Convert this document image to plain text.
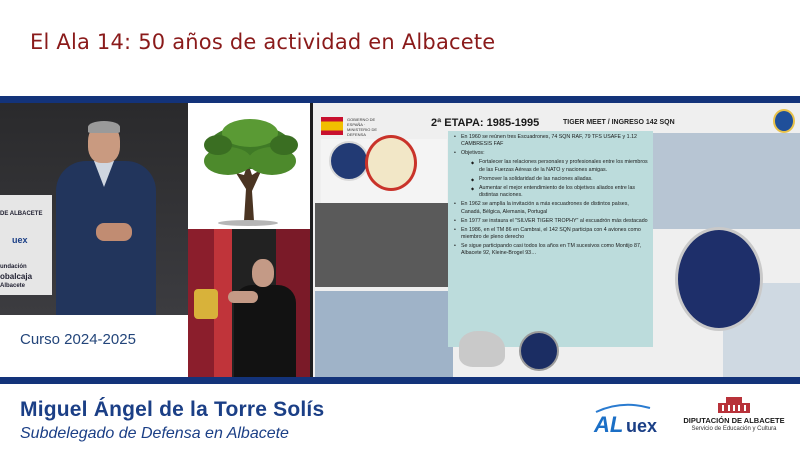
El Ala 14: 50 años de actividad en Albacete
DE ALBACETE
uex
undación
obalcaja
Albacete
Curso 2024-2025
GOBIERNO DE ESPAÑA · MINISTERIO DE DEFENSA
2ª ETAPA: 1985-1995	TIGER MEET / INGRESO 142 SQN
• En 1960 se reúnen tres Escuadrones, 74 SQN RAF, 79 TFS USAFE y 1.12 CAMBRESIS FAF
• Objetivos:
◆ Fortalecer las relaciones personales y profesionales entre los miembros de las Fuerzas Aéreas de la NATO y naciones amigas.
◆ Promover la solidaridad de las naciones aliadas.
◆ Aumentar el mejor entendimiento de los objetivos aliados entre las distintas naciones.
• En 1962 se amplía la invitación a más escuadrones de distintos países, Canadá, Bélgica, Alemania, Portugal
• En 1977 se instaura el "SILVER TIGER TROPHY" al escuadrón más destacado
• En 1986, en el TM 86 en Cambrai, el 142 SQN participa con 4 aviones como miembro de pleno derecho
• Se sigue participando casi todos los años en TM sucesivos como Montijo 87, Albacete 92, Kleine-Brogel 93…
Miguel Ángel de la Torre Solís
Subdelegado de Defensa en Albacete	AL uex	DIPUTACIÓN DE ALBACETE
Servicio de Educación y Cultura
